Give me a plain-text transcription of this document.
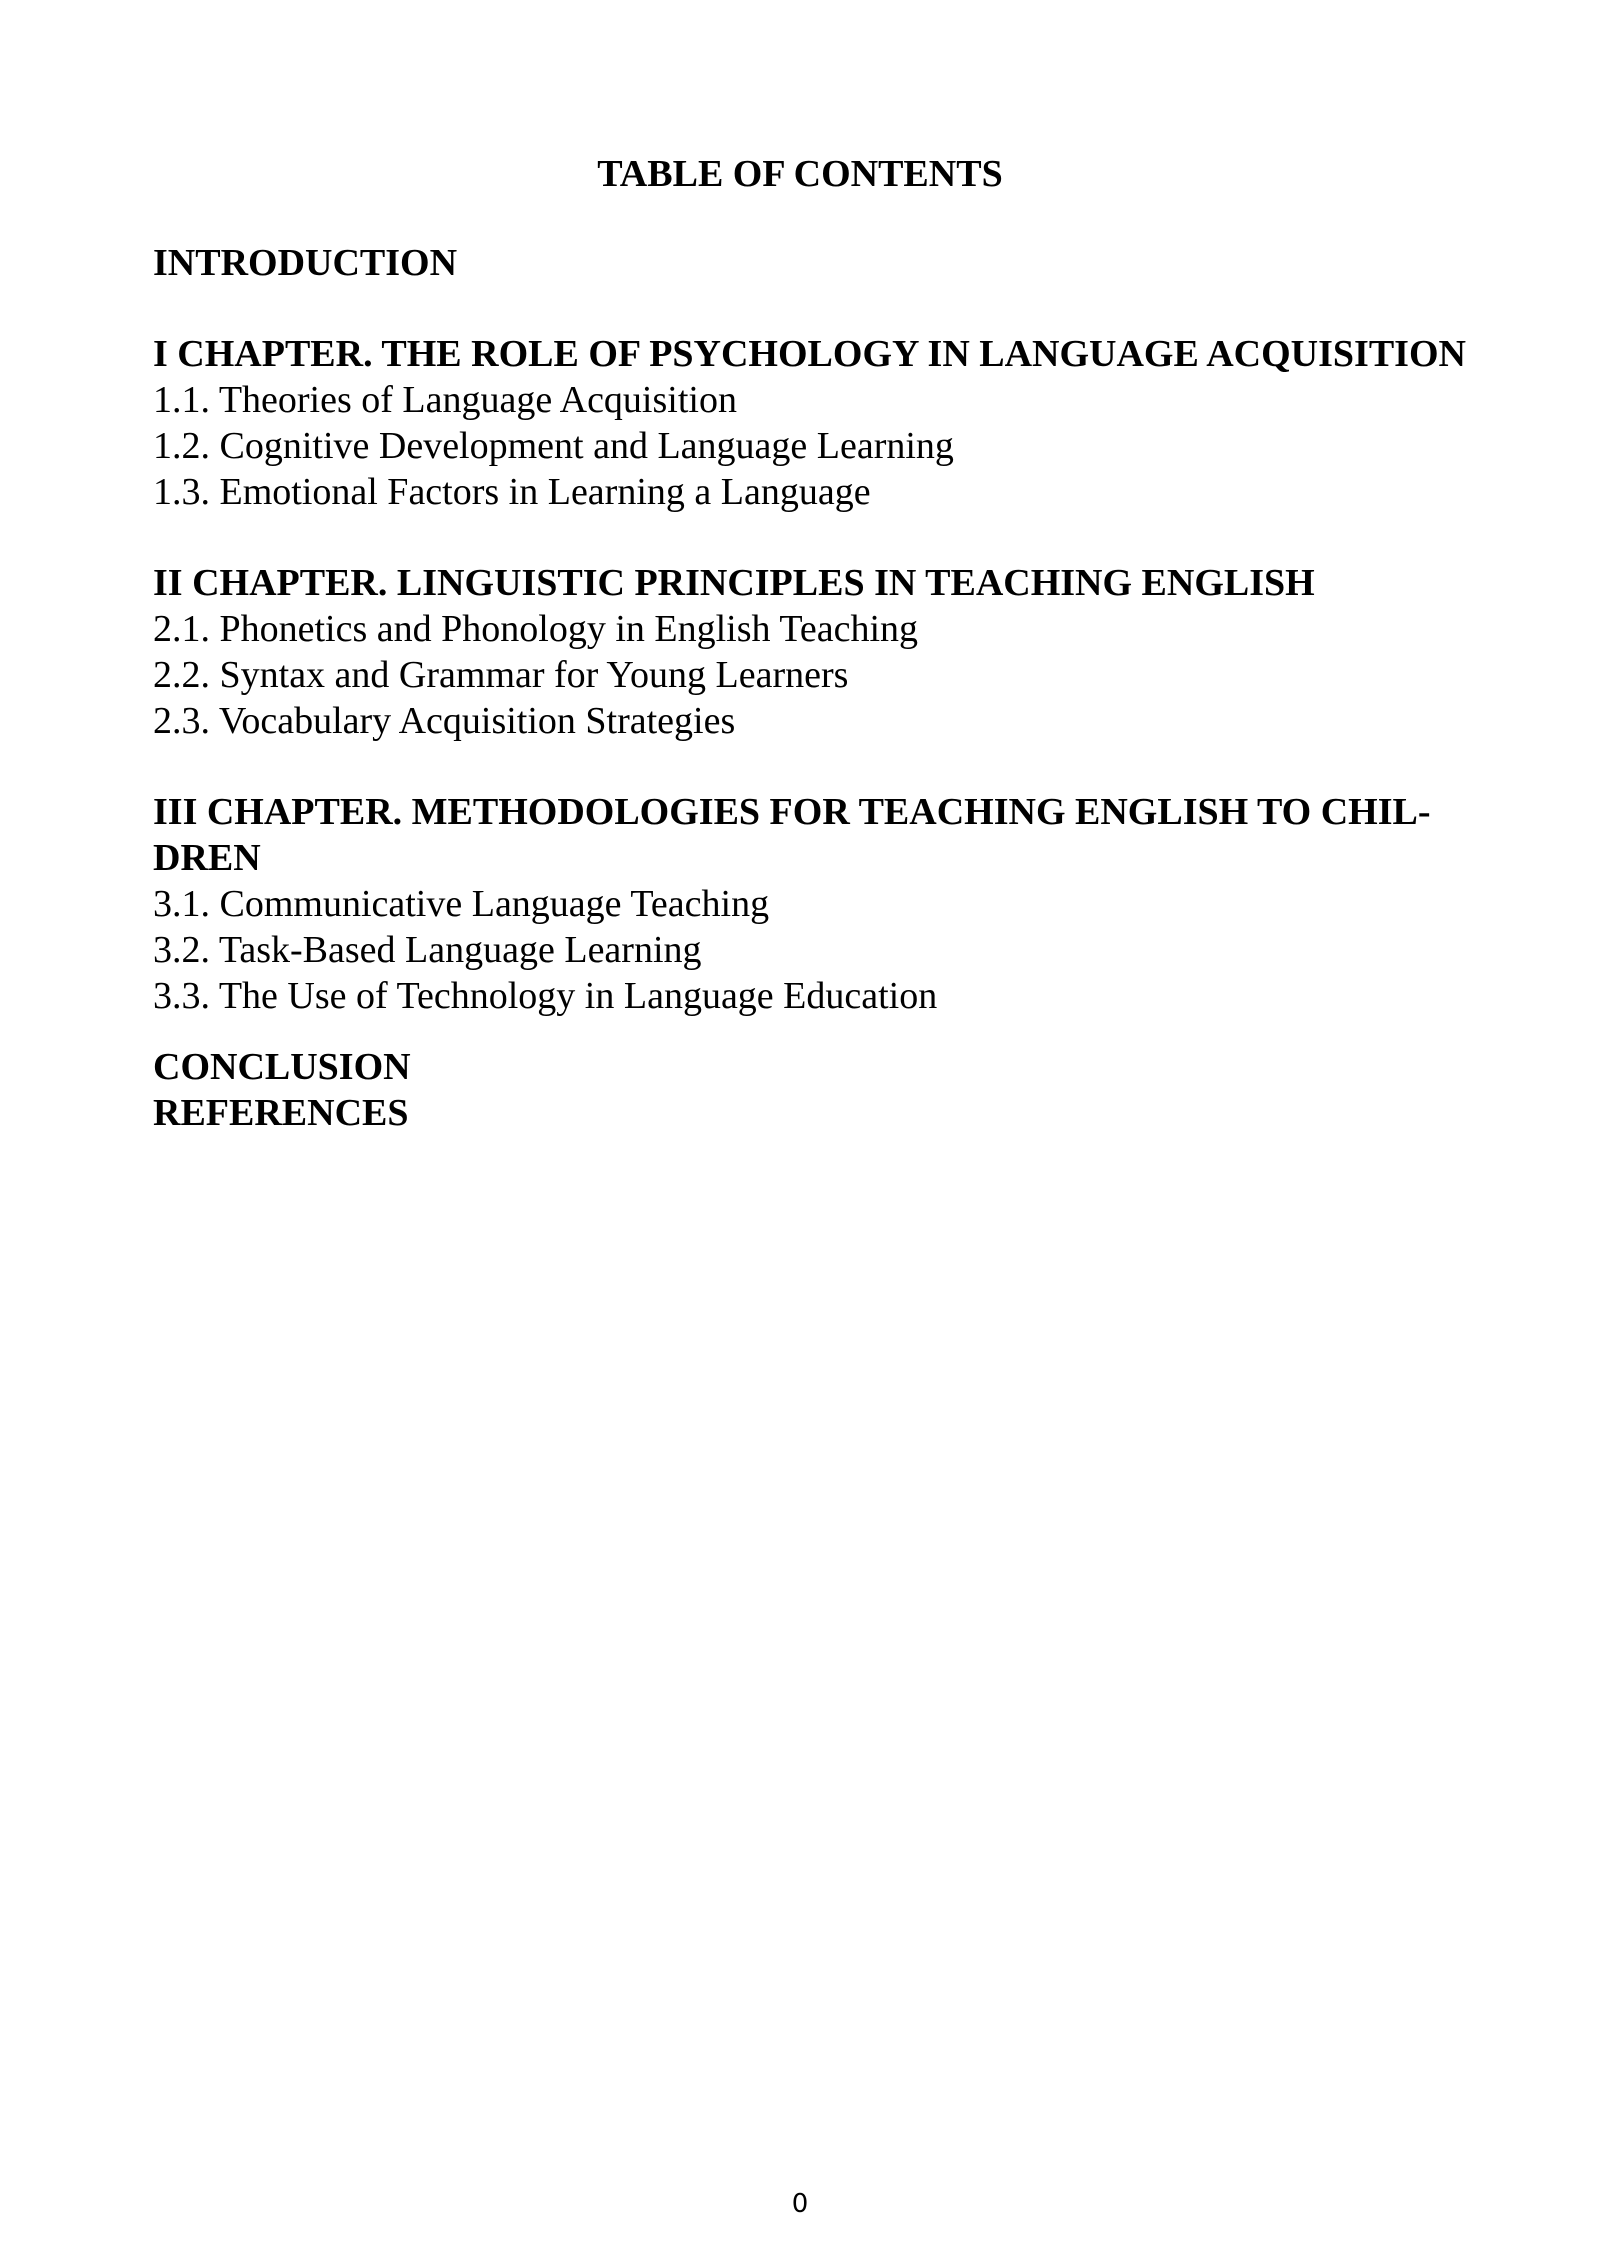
TABLE OF CONTENTS
INTRODUCTION
I CHAPTER. THE ROLE OF PSYCHOLOGY IN LANGUAGE ACQUISITION
1.1. Theories of Language Acquisition
1.2. Cognitive Development and Language Learning
1.3. Emotional Factors in Learning a Language
II CHAPTER. LINGUISTIC PRINCIPLES IN TEACHING ENGLISH
2.1. Phonetics and Phonology in English Teaching
2.2. Syntax and Grammar for Young Learners
2.3. Vocabulary Acquisition Strategies
III CHAPTER. METHODOLOGIES FOR TEACHING ENGLISH TO CHIL-
DREN
3.1. Communicative Language Teaching
3.2. Task-Based Language Learning
3.3. The Use of Technology in Language Education
CONCLUSION
REFERENCES
0
